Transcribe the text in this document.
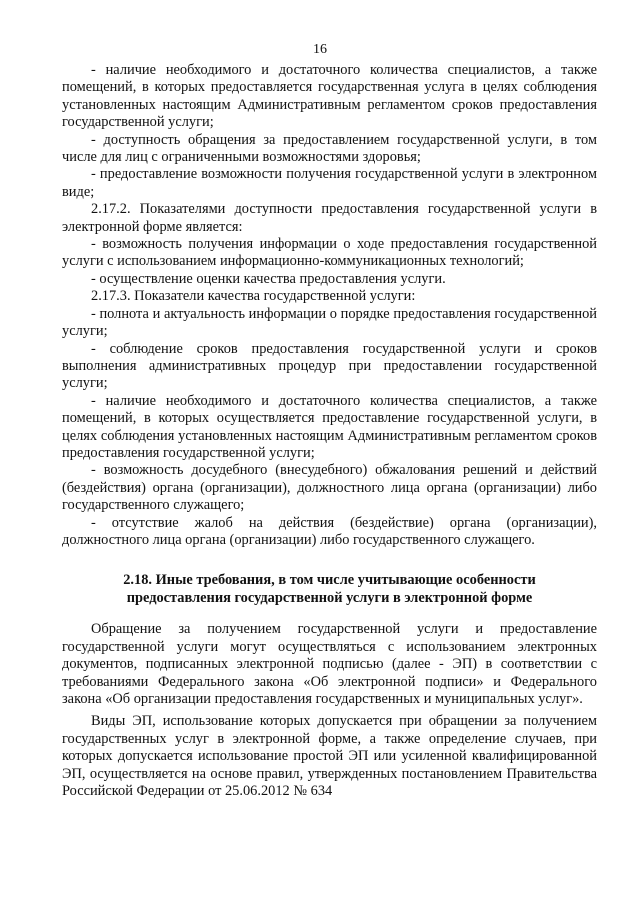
16

- наличие необходимого и достаточного количества специалистов, а также помещений, в которых предоставляется государственная услуга в целях соблюдения установленных настоящим Административным регламентом сроков предоставления государственной услуги;

- доступность обращения за предоставлением государственной услуги, в том числе для лиц с ограниченными возможностями здоровья;

- предоставление возможности получения государственной услуги в электронном виде;

2.17.2. Показателями доступности предоставления государственной услуги в электронной форме является:

- возможность получения информации о ходе предоставления государственной услуги с использованием информационно-коммуникационных технологий;

- осуществление оценки качества предоставления услуги.

2.17.3. Показатели качества государственной услуги:

- полнота и актуальность информации о порядке предоставления государственной услуги;

- соблюдение сроков предоставления государственной услуги и сроков выполнения административных процедур при предоставлении государственной услуги;

- наличие необходимого и достаточного количества специалистов, а также помещений, в которых осуществляется предоставление государственной услуги, в целях соблюдения установленных настоящим Административным регламентом сроков предоставления государственной услуги;

- возможность досудебного (внесудебного) обжалования решений и действий (бездействия) органа (организации), должностного лица органа (организации) либо государственного служащего;

- отсутствие жалоб на действия (бездействие) органа (организации), должностного лица органа (организации) либо государственного служащего.

2.18. Иные требования, в том числе учитывающие особенности
предоставления государственной услуги в электронной форме

Обращение за получением государственной услуги и предоставление государственной услуги могут осуществляться с использованием электронных документов, подписанных электронной подписью (далее - ЭП) в соответствии с требованиями Федерального закона «Об электронной подписи» и Федерального закона «Об организации предоставления государственных и муниципальных услуг».

Виды ЭП, использование которых допускается при обращении за получением государственных услуг в электронной форме, а также определение случаев, при которых допускается использование простой ЭП или усиленной квалифицированной ЭП, осуществляется на основе правил, утвержденных постановлением Правительства Российской Федерации от 25.06.2012 № 634
